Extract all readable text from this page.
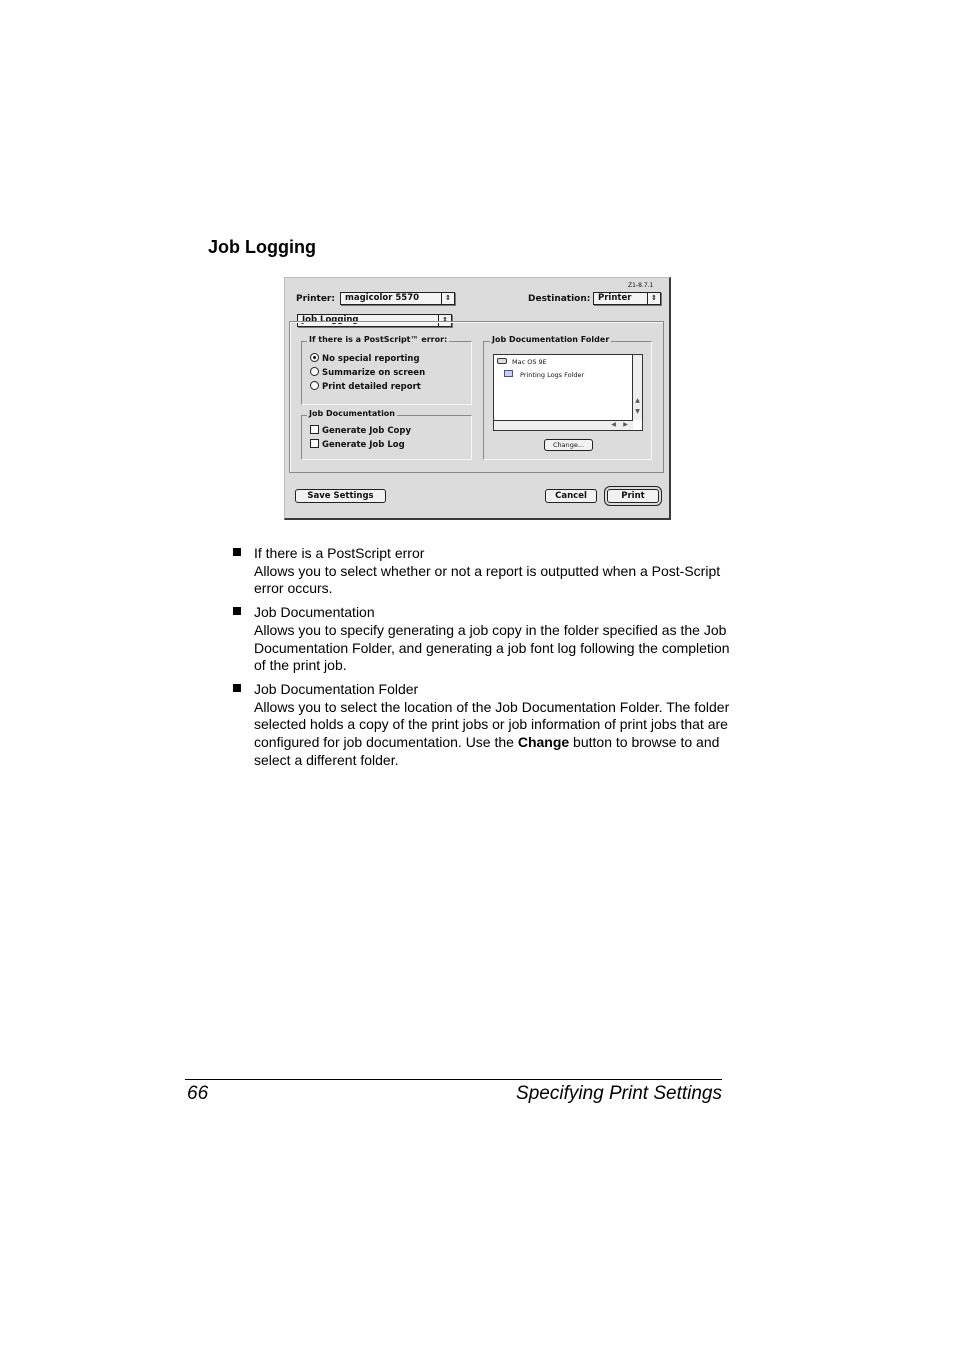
Job Logging
Z1-8.7.1
Printer:	magicolor 5570	⇕	Destination: Printer	⇕
Job Logging	⇕
If there is a PostScript™ error:
No special reporting
Summarize on screen
Print detailed report
Job Documentation
Generate Job Copy
Generate Job Log
Job Documentation Folder
Mac OS 9E
Printing Logs Folder
▲
▼
◀	▶
Change...
Save Settings	Cancel	Print
If there is a PostScript error
Allows you to select whether or not a report is outputted when a Post-Script error occurs.
Job Documentation
Allows you to specify generating a job copy in the folder specified as the Job Documentation Folder, and generating a job font log following the completion of the print job.
Job Documentation Folder
Allows you to select the location of the Job Documentation Folder. The folder selected holds a copy of the print jobs or job information of print jobs that are configured for job documentation. Use the Change button to browse to and select a different folder.
66	Specifying Print Settings
